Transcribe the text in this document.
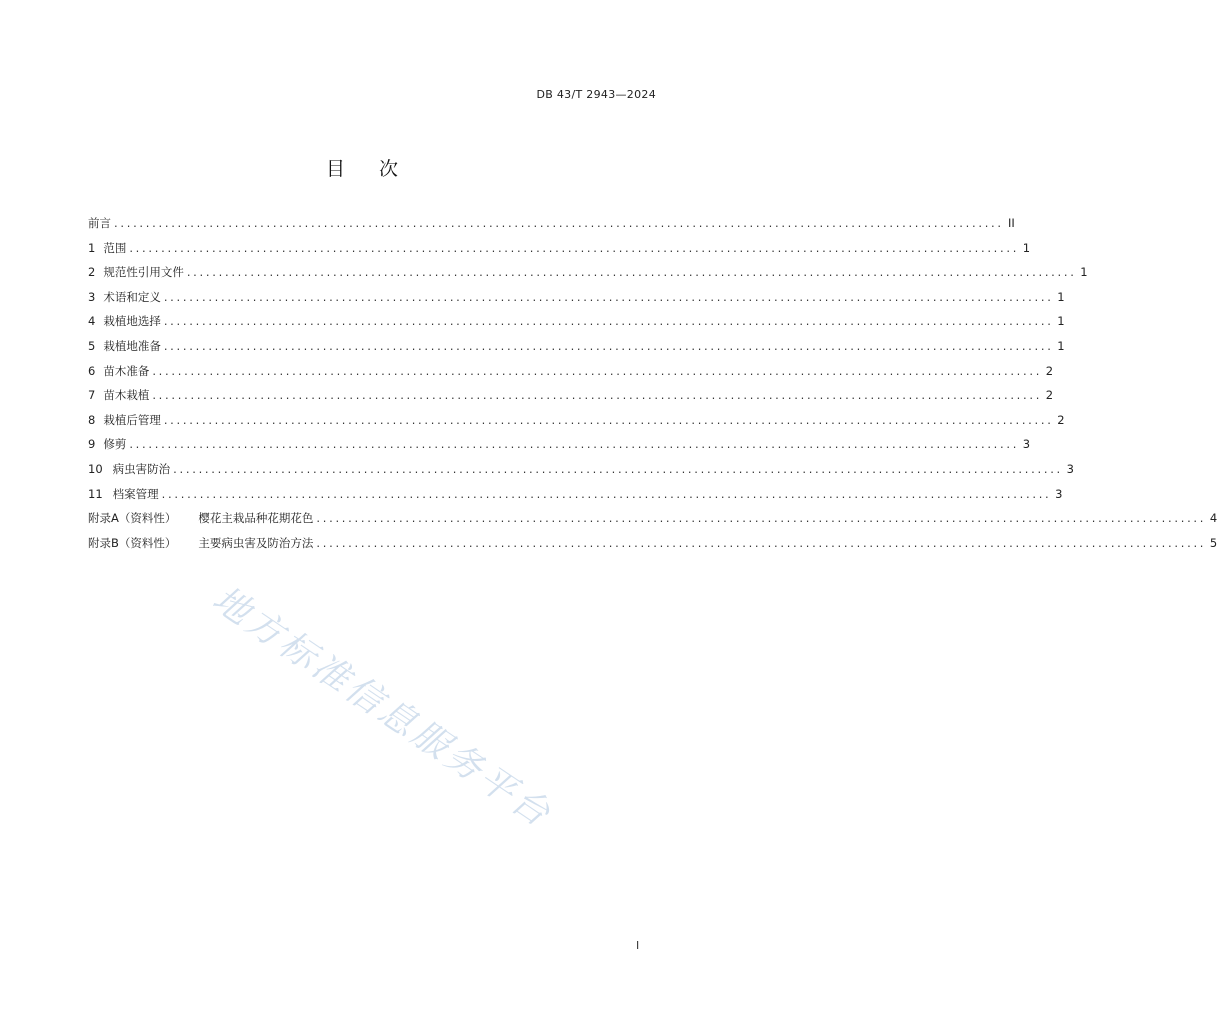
DB 43/T 2943—2024
目次
前言 ............................................................................................................................................ II
1 范围 ............................................................................................................................................ 1
2 规范性引用文件 ............................................................................................................................................ 1
3 术语和定义 ............................................................................................................................................ 1
4 栽植地选择 ............................................................................................................................................ 1
5 栽植地准备 ............................................................................................................................................ 1
6 苗木准备 ............................................................................................................................................ 2
7 苗木栽植 ............................................................................................................................................ 2
8 栽植后管理 ............................................................................................................................................ 2
9 修剪 ............................................................................................................................................ 3
10 病虫害防治 ............................................................................................................................................ 3
11 档案管理 ............................................................................................................................................ 3
附录A（资料性） 樱花主栽品种花期花色 ............................................................................................................................................ 4
附录B（资料性） 主要病虫害及防治方法 ............................................................................................................................................ 5
地方标准信息服务平台
I
